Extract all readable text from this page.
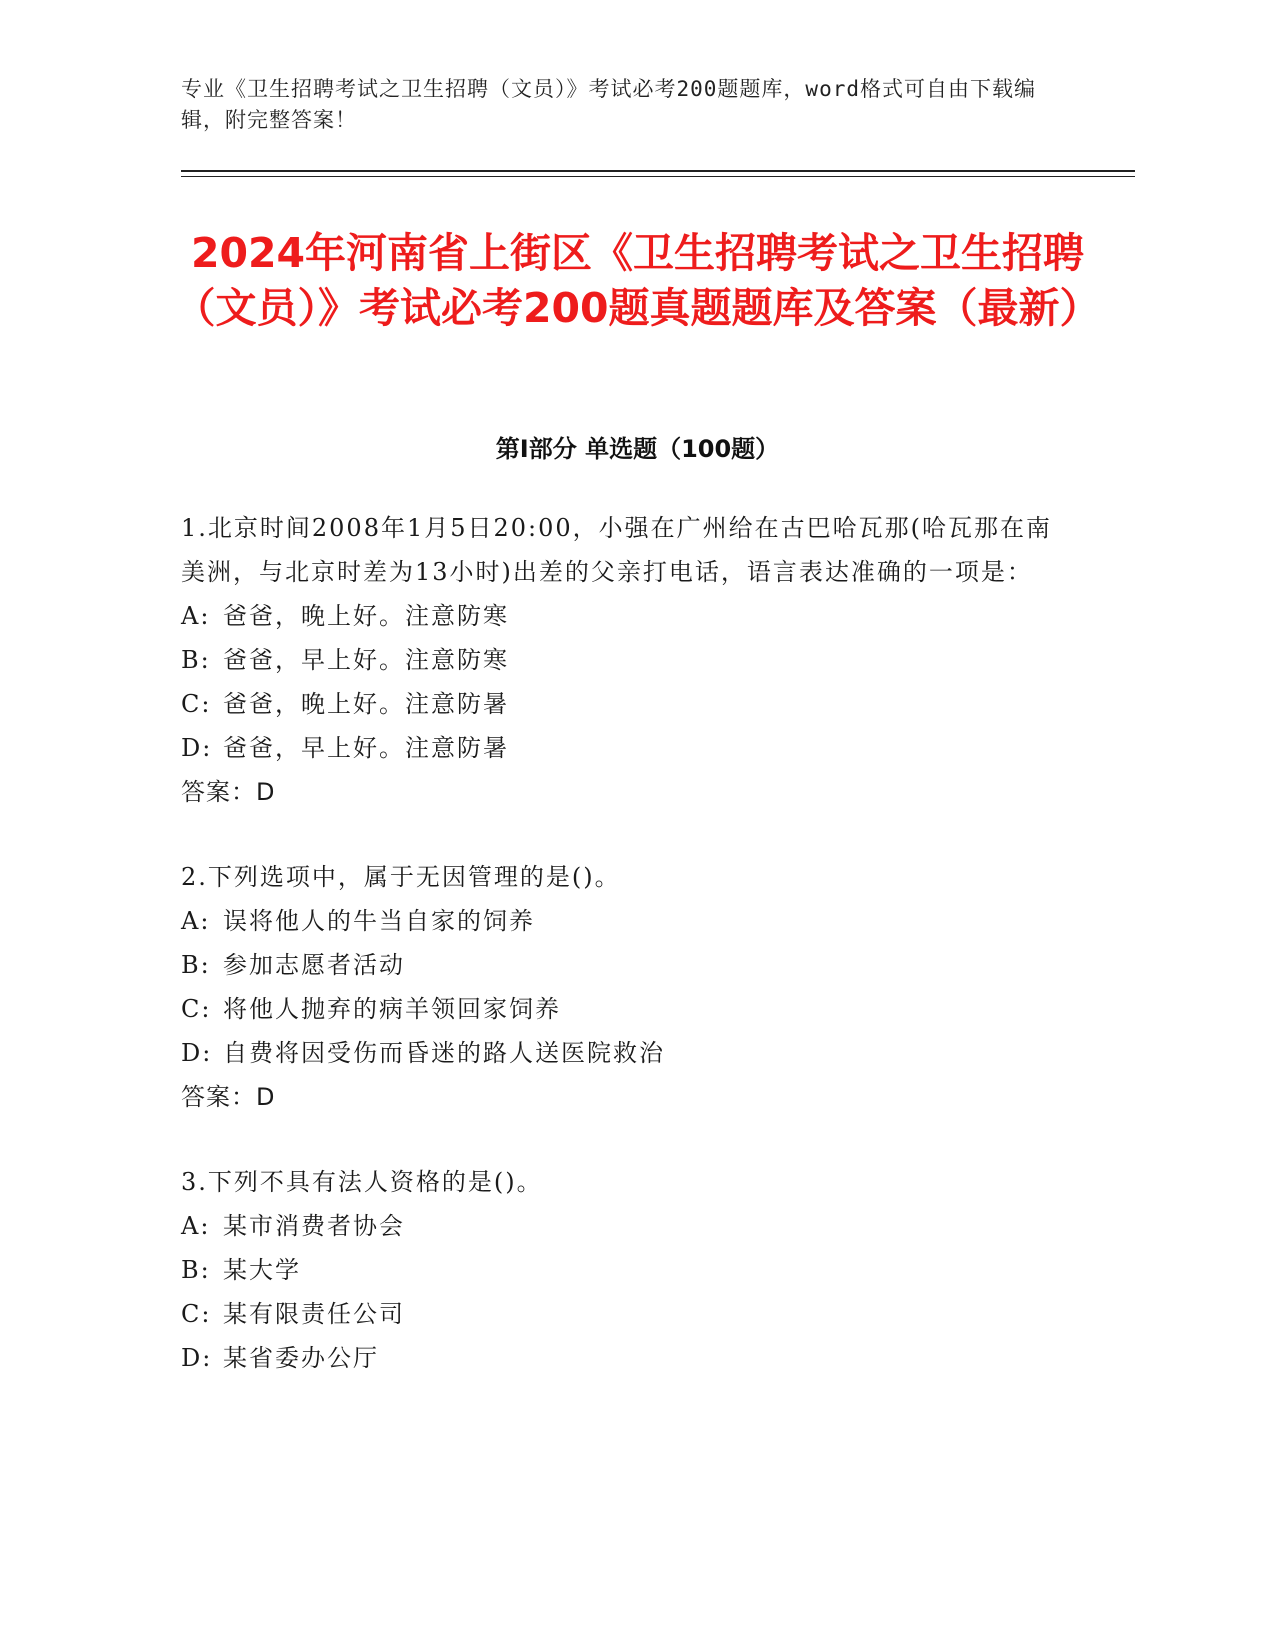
专业《卫生招聘考试之卫生招聘（文员）》考试必考200题题库，word格式可自由下载编辑，附完整答案！
2024年河南省上街区《卫生招聘考试之卫生招聘（文员）》考试必考200题真题题库及答案（最新）
第I部分 单选题（100题）
1.北京时间2008年1月5日20:00，小强在广州给在古巴哈瓦那(哈瓦那在南美洲，与北京时差为13小时)出差的父亲打电话，语言表达准确的一项是：
A: 爸爸，晚上好。注意防寒
B: 爸爸，早上好。注意防寒
C: 爸爸，晚上好。注意防暑
D: 爸爸，早上好。注意防暑
答案：D
2.下列选项中，属于无因管理的是()。
A: 误将他人的牛当自家的饲养
B: 参加志愿者活动
C: 将他人抛弃的病羊领回家饲养
D: 自费将因受伤而昏迷的路人送医院救治
答案：D
3.下列不具有法人资格的是()。
A: 某市消费者协会
B: 某大学
C: 某有限责任公司
D: 某省委办公厅
